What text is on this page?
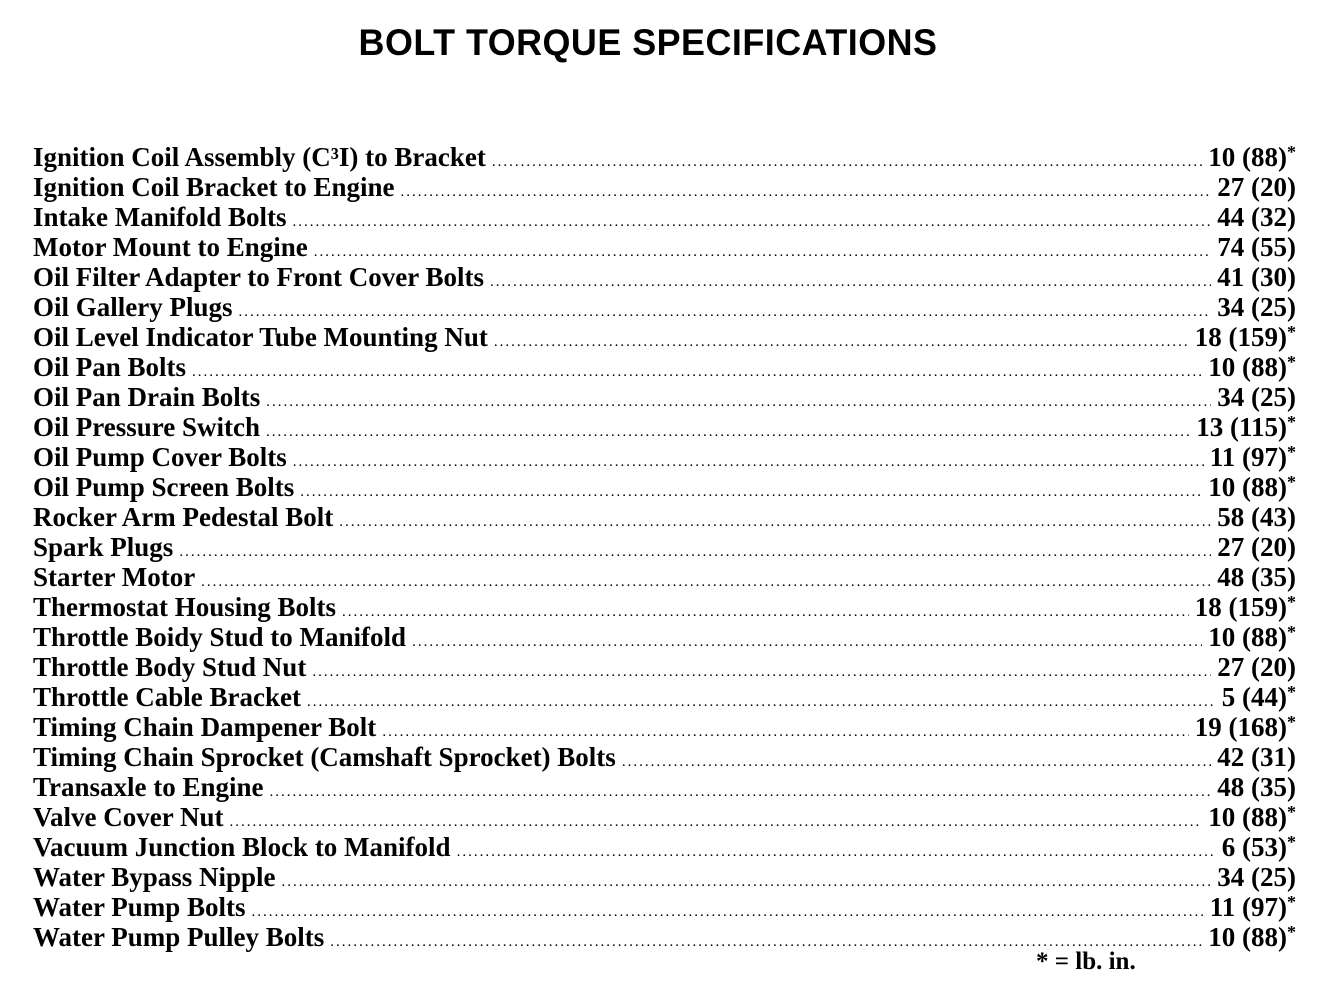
BOLT TORQUE SPECIFICATIONS
Ignition Coil Assembly (C³I) to Bracket .....	10 (88)*
Ignition Coil Bracket to Engine .....	27 (20)
Intake Manifold Bolts .....	44 (32)
Motor Mount to Engine .....	74 (55)
Oil Filter Adapter to Front Cover Bolts .....	41 (30)
Oil Gallery Plugs .....	34 (25)
Oil Level Indicator Tube Mounting Nut .....	18 (159)*
Oil Pan Bolts .....	10 (88)*
Oil Pan Drain Bolts .....	34 (25)
Oil Pressure Switch .....	13 (115)*
Oil Pump Cover Bolts .....	11 (97)*
Oil Pump Screen Bolts .....	10 (88)*
Rocker Arm Pedestal Bolt .....	58 (43)
Spark Plugs .....	27 (20)
Starter Motor .....	48 (35)
Thermostat Housing Bolts .....	18 (159)*
Throttle Boidy Stud to Manifold .....	10 (88)*
Throttle Body Stud Nut .....	27 (20)
Throttle Cable Bracket .....	5 (44)*
Timing Chain Dampener Bolt .....	19 (168)*
Timing Chain Sprocket (Camshaft Sprocket) Bolts .....	42 (31)
Transaxle to Engine .....	48 (35)
Valve Cover Nut .....	10 (88)*
Vacuum Junction Block to Manifold .....	6 (53)*
Water Bypass Nipple .....	34 (25)
Water Pump Bolts .....	11 (97)*
Water Pump Pulley Bolts .....	10 (88)*
* = lb. in.
